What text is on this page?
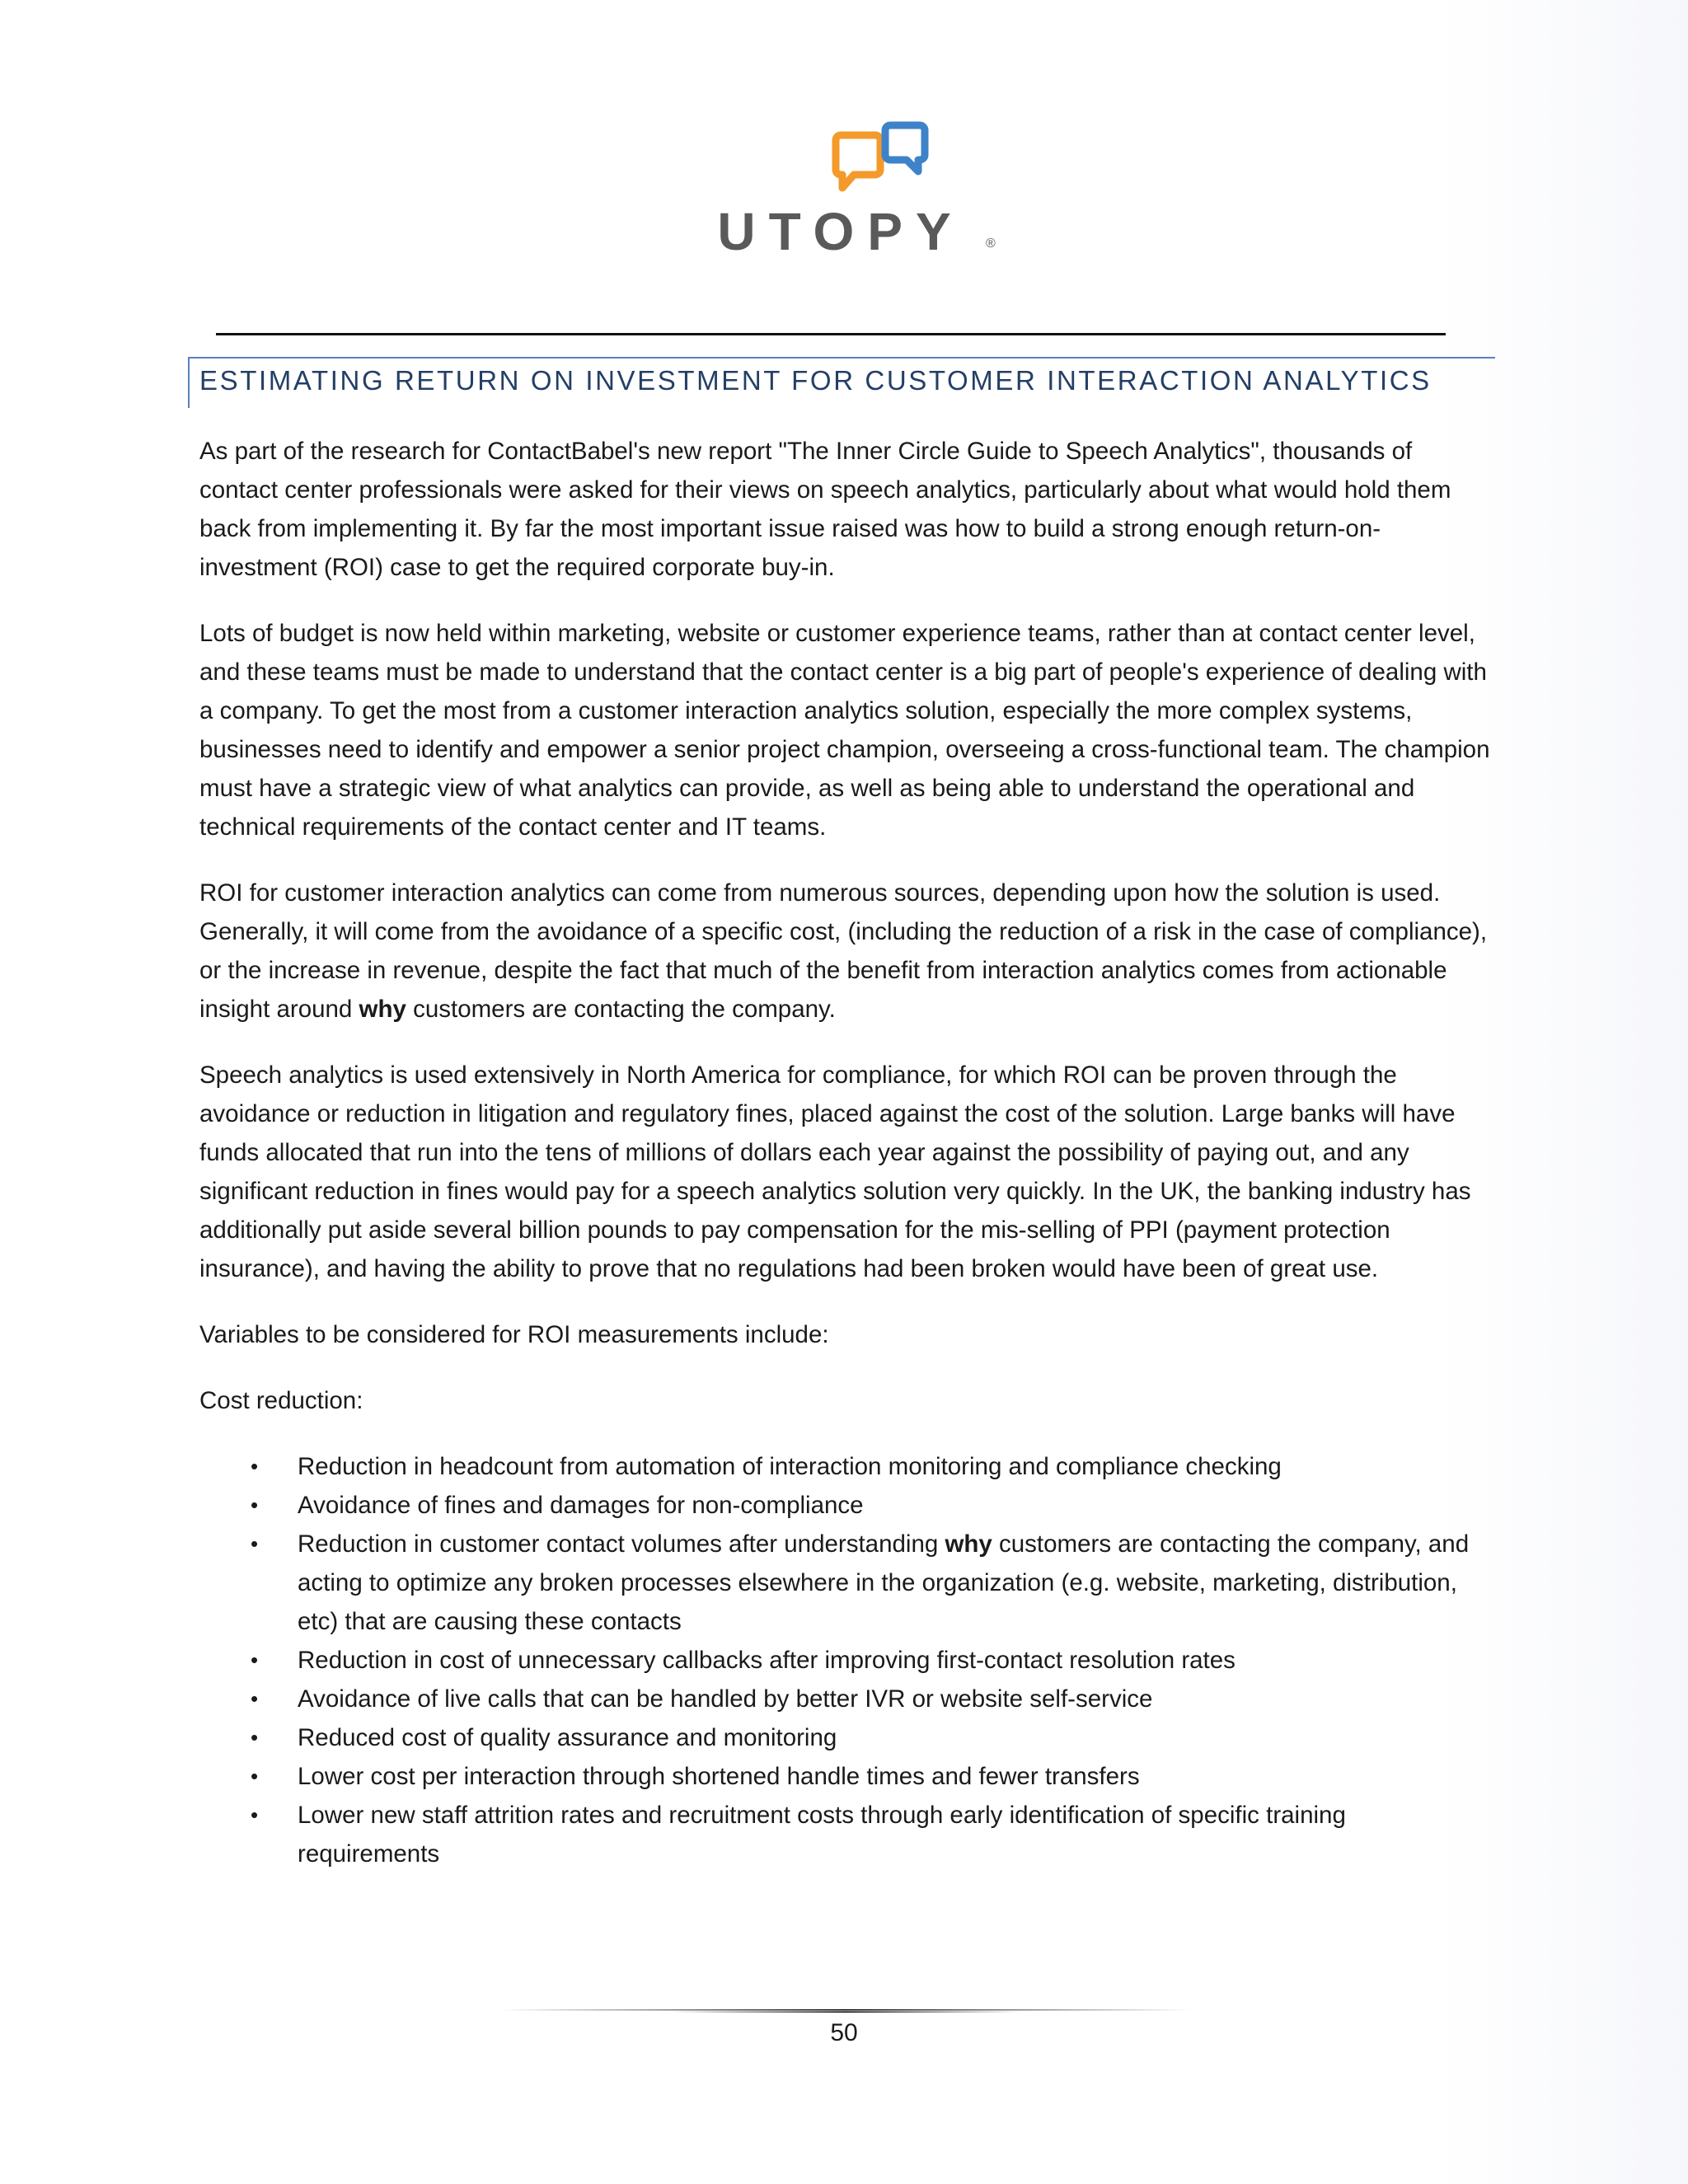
UTOPY ®
ESTIMATING RETURN ON INVESTMENT FOR CUSTOMER INTERACTION ANALYTICS

As part of the research for ContactBabel's new report "The Inner Circle Guide to Speech Analytics", thousands of contact center professionals were asked for their views on speech analytics, particularly about what would hold them back from implementing it. By far the most important issue raised was how to build a strong enough return-on-investment (ROI) case to get the required corporate buy-in.

Lots of budget is now held within marketing, website or customer experience teams, rather than at contact center level, and these teams must be made to understand that the contact center is a big part of people's experience of dealing with a company. To get the most from a customer interaction analytics solution, especially the more complex systems, businesses need to identify and empower a senior project champion, overseeing a cross-functional team. The champion must have a strategic view of what analytics can provide, as well as being able to understand the operational and technical requirements of the contact center and IT teams.

ROI for customer interaction analytics can come from numerous sources, depending upon how the solution is used. Generally, it will come from the avoidance of a specific cost, (including the reduction of a risk in the case of compliance), or the increase in revenue, despite the fact that much of the benefit from interaction analytics comes from actionable insight around why customers are contacting the company.

Speech analytics is used extensively in North America for compliance, for which ROI can be proven through the avoidance or reduction in litigation and regulatory fines, placed against the cost of the solution. Large banks will have funds allocated that run into the tens of millions of dollars each year against the possibility of paying out, and any significant reduction in fines would pay for a speech analytics solution very quickly. In the UK, the banking industry has additionally put aside several billion pounds to pay compensation for the mis-selling of PPI (payment protection insurance), and having the ability to prove that no regulations had been broken would have been of great use.

Variables to be considered for ROI measurements include:

Cost reduction:

• Reduction in headcount from automation of interaction monitoring and compliance checking
• Avoidance of fines and damages for non-compliance
• Reduction in customer contact volumes after understanding why customers are contacting the company, and acting to optimize any broken processes elsewhere in the organization (e.g. website, marketing, distribution, etc) that are causing these contacts
• Reduction in cost of unnecessary callbacks after improving first-contact resolution rates
• Avoidance of live calls that can be handled by better IVR or website self-service
• Reduced cost of quality assurance and monitoring
• Lower cost per interaction through shortened handle times and fewer transfers
• Lower new staff attrition rates and recruitment costs through early identification of specific training requirements
50
